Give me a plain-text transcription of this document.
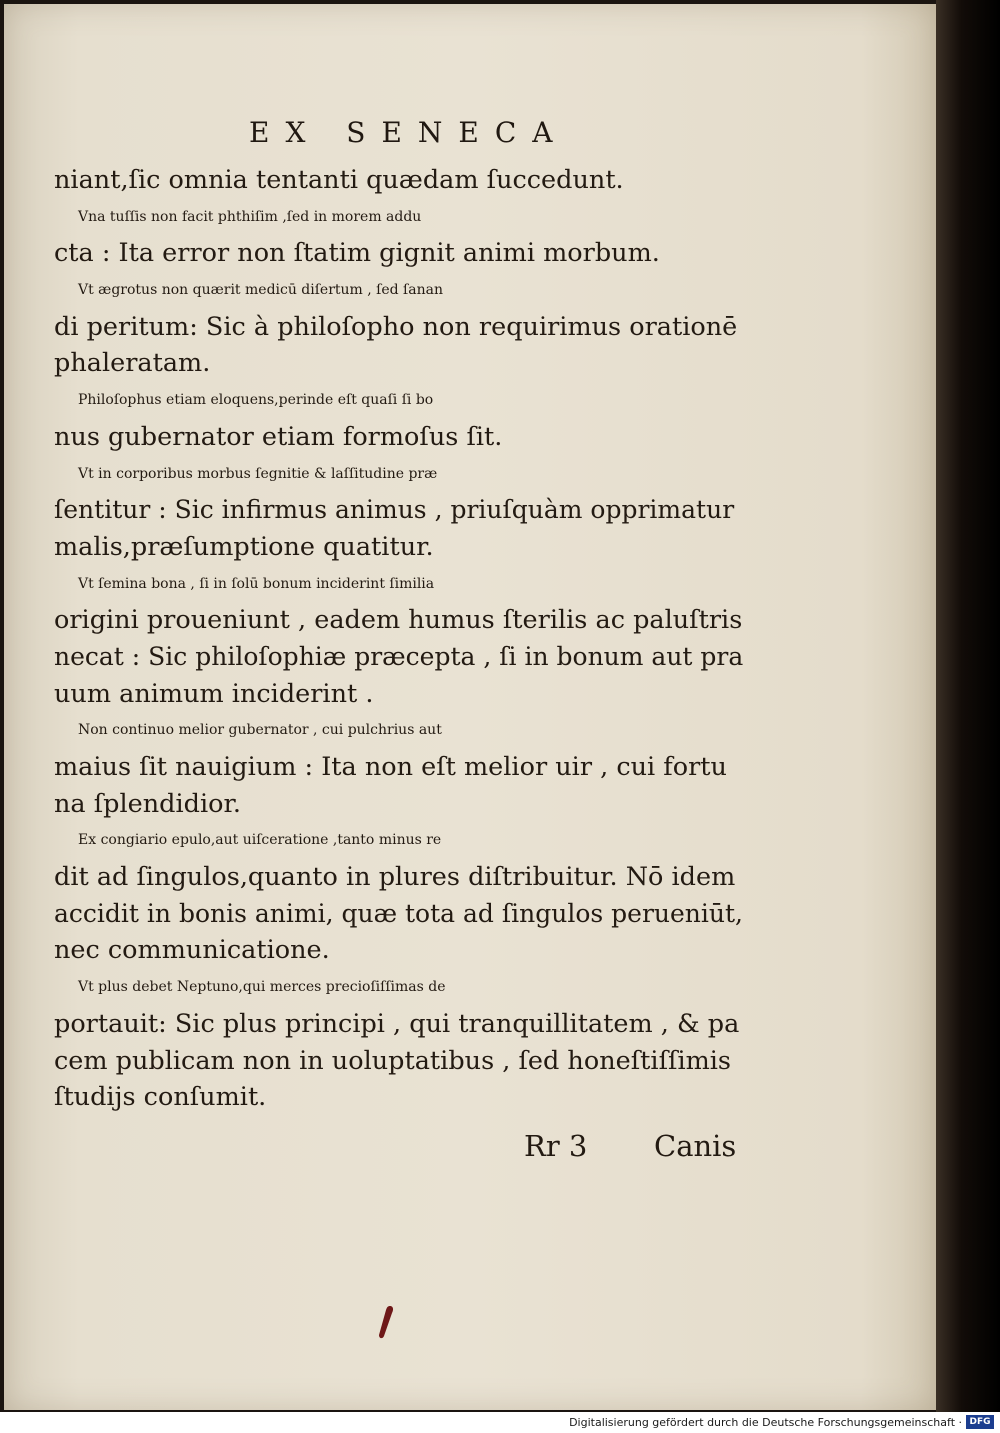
EX SENECA
niant,ſic omnia tentanti quædam ſuccedunt.
Vna tuſſis non facit phthiſim ,ſed in morem addu
cta : Ita error non ſtatim gignit animi morbum.
Vt ægrotus non quærit medicū diſertum , ſed ſanan
di peritum: Sic à philoſopho non requirimus orationē
phaleratam.
Philoſophus etiam eloquens,perinde eſt quaſi ſi bo
nus gubernator etiam formoſus ſit.
Vt in corporibus morbus ſegnitie & laſſitudine præ
ſentitur : Sic infirmus animus , priuſquàm opprimatur
malis,præſumptione quatitur.
Vt ſemina bona , ſi in ſolū bonum inciderint ſimilia
origini proueniunt , eadem humus ſterilis ac paluſtris
necat : Sic philoſophiæ præcepta , ſi in bonum aut pra
uum animum inciderint .
Non continuo melior gubernator , cui pulchrius aut
maius ſit nauigium : Ita non eſt melior uir , cui fortu
na ſplendidior.
Ex congiario epulo,aut uiſceratione ,tanto minus re
dit ad ſingulos,quanto in plures diſtribuitur. Nō idem
accidit in bonis animi, quæ tota ad ſingulos perueniūt,
nec communicatione.
Vt plus debet Neptuno,qui merces precioſiſſimas de
portauit: Sic plus principi , qui tranquillitatem , & pa
cem publicam non in uoluptatibus , ſed honeſtiſſimis
ſtudijs conſumit.
Rr 3 Canis
Digitalisierung gefördert durch die Deutsche Forschungsgemeinschaft · DFG
